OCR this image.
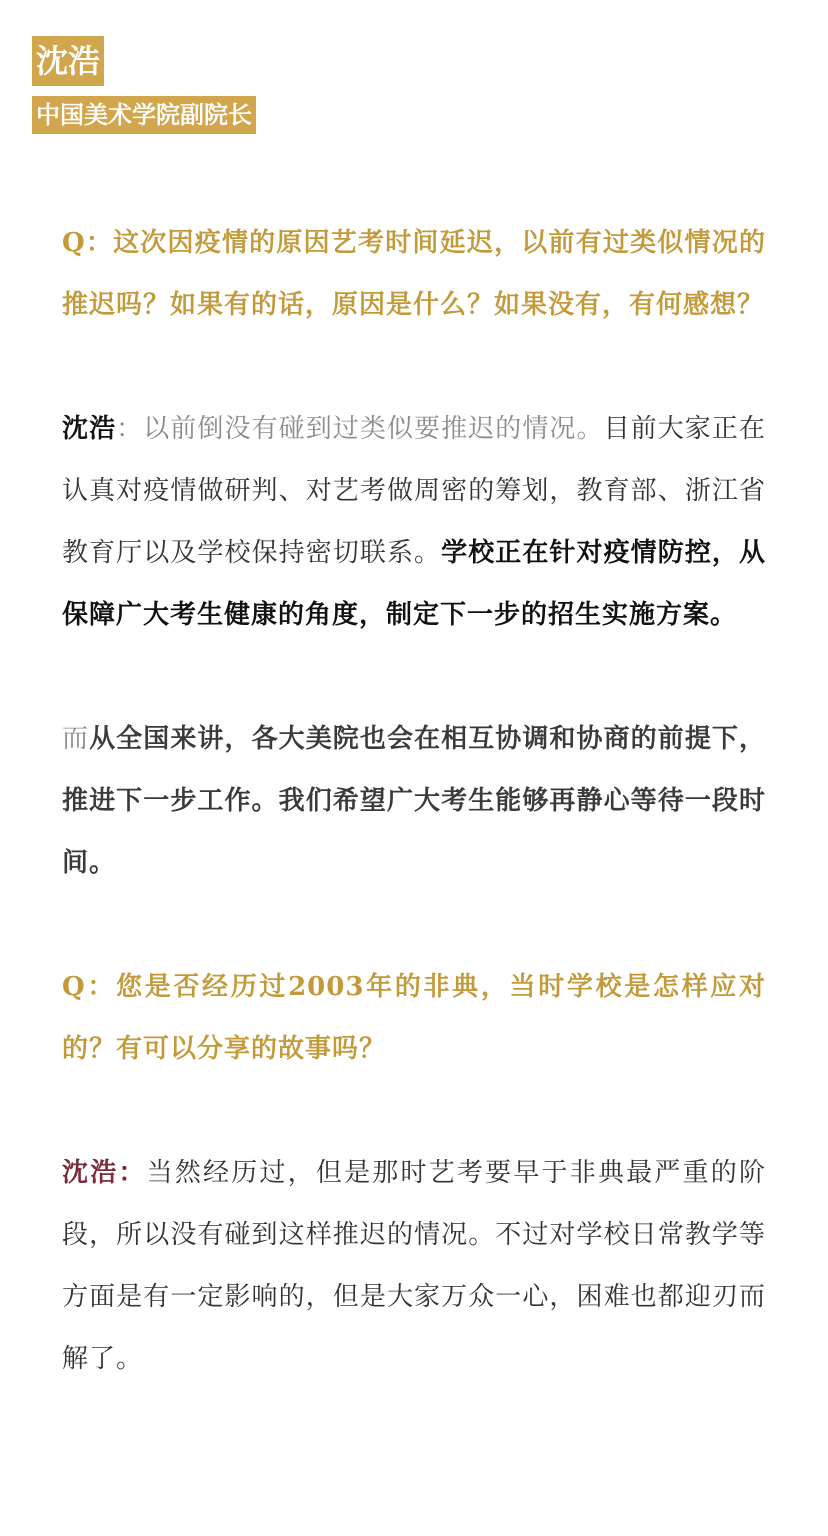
沈浩
中国美术学院副院长

Q：这次因疫情的原因艺考时间延迟，以前有过类似情况的推迟吗？如果有的话，原因是什么？如果没有，有何感想？

沈浩：以前倒没有碰到过类似要推迟的情况。目前大家正在认真对疫情做研判、对艺考做周密的筹划，教育部、浙江省教育厅以及学校保持密切联系。学校正在针对疫情防控，从保障广大考生健康的角度，制定下一步的招生实施方案。

而从全国来讲，各大美院也会在相互协调和协商的前提下，推进下一步工作。我们希望广大考生能够再静心等待一段时间。

Q：您是否经历过2003年的非典，当时学校是怎样应对的？有可以分享的故事吗？

沈浩：当然经历过，但是那时艺考要早于非典最严重的阶段，所以没有碰到这样推迟的情况。不过对学校日常教学等方面是有一定影响的，但是大家万众一心，困难也都迎刃而解了。
